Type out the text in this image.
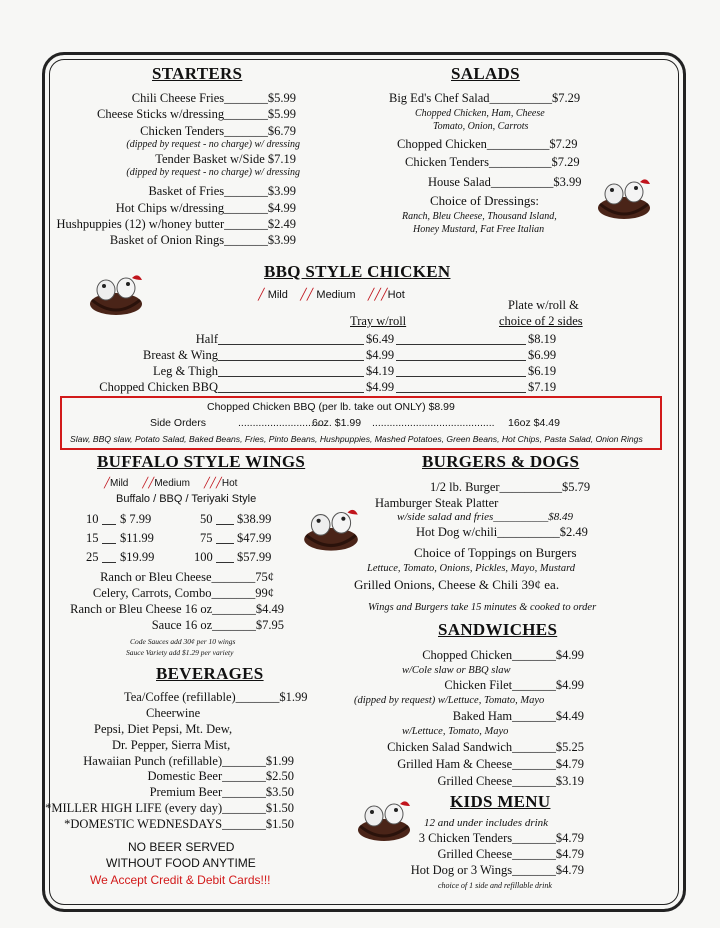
STARTERS
Chili Cheese Fries_______$5.99
Cheese Sticks w/dressing_______$5.99
Chicken Tenders_______$6.79
(dipped by request - no charge) w/ dressing
Tender Basket w/Side $7.19
(dipped by request - no charge) w/ dressing
Basket of Fries_______$3.99
Hot Chips w/dressing_______$4.99
Hushpuppies (12) w/honey butter_______$2.49
Basket of Onion Rings_______$3.99
SALADS
Big Ed's Chef Salad__________$7.29
Chopped Chicken, Ham, Cheese
Tomato, Onion, Carrots
Chopped Chicken__________$7.29
Chicken Tenders__________$7.29
House Salad__________$3.99
Choice of Dressings:
Ranch, Bleu Cheese, Thousand Island,
Honey Mustard, Fat Free Italian
BBQ STYLE CHICKEN
╱ Mild ╱╱ Medium ╱╱╱Hot
Plate w/roll &
choice of 2 sides
Tray w/roll
Half	$6.49	$8.19
Breast & Wing	$4.99	$6.99
Leg & Thigh	$4.19	$6.19
Chopped Chicken BBQ	$4.99	$7.19
Chopped Chicken BBQ (per lb. take out ONLY) $8.99
Side Orders	..............................
6oz. $1.99 .......................................... 16oz $4.49
Slaw, BBQ slaw, Potato Salad, Baked Beans, Fries, Pinto Beans, Hushpuppies, Mashed Potatoes, Green Beans, Hot Chips, Pasta Salad, Onion Rings
BUFFALO STYLE WINGS
╱Mild ╱╱Medium ╱╱╱Hot
Buffalo / BBQ / Teriyaki Style
10 $ 7.99	50 $38.99
15 $11.99	75 $47.99
25 $19.99	100 $57.99
Ranch or Bleu Cheese_______75¢
Celery, Carrots, Combo_______99¢
Ranch or Bleu Cheese 16 oz_______$4.49
Sauce 16 oz_______$7.95
Code Sauces add 30¢ per 10 wings
Sauce Variety add $1.29 per variety
BEVERAGES
Tea/Coffee (refillable)_______$1.99
Cheerwine
Pepsi, Diet Pepsi, Mt. Dew,
Dr. Pepper, Sierra Mist,
Hawaiian Punch (refillable)_______$1.99
Domestic Beer_______$2.50
Premium Beer_______$3.50
*MILLER HIGH LIFE (every day)_______$1.50
*DOMESTIC WEDNESDAYS_______$1.50
NO BEER SERVED
WITHOUT FOOD ANYTIME
We Accept Credit & Debit Cards!!!
BURGERS & DOGS
1/2 lb. Burger__________$5.79
Hamburger Steak Platter
w/side salad and fries__________$8.49
Hot Dog w/chili__________$2.49
Choice of Toppings on Burgers
Lettuce, Tomato, Onions, Pickles, Mayo, Mustard
Grilled Onions, Cheese & Chili 39¢ ea.
Wings and Burgers take 15 minutes & cooked to order
SANDWICHES
Chopped Chicken_______$4.99
w/Cole slaw or BBQ slaw
Chicken Filet_______$4.99
(dipped by request) w/Lettuce, Tomato, Mayo
Baked Ham_______$4.49
w/Lettuce, Tomato, Mayo
Chicken Salad Sandwich_______$5.25
Grilled Ham & Cheese_______$4.79
Grilled Cheese_______$3.19
KIDS MENU
12 and under includes drink
3 Chicken Tenders_______$4.79
Grilled Cheese_______$4.79
Hot Dog or 3 Wings_______$4.79
choice of 1 side and refillable drink
